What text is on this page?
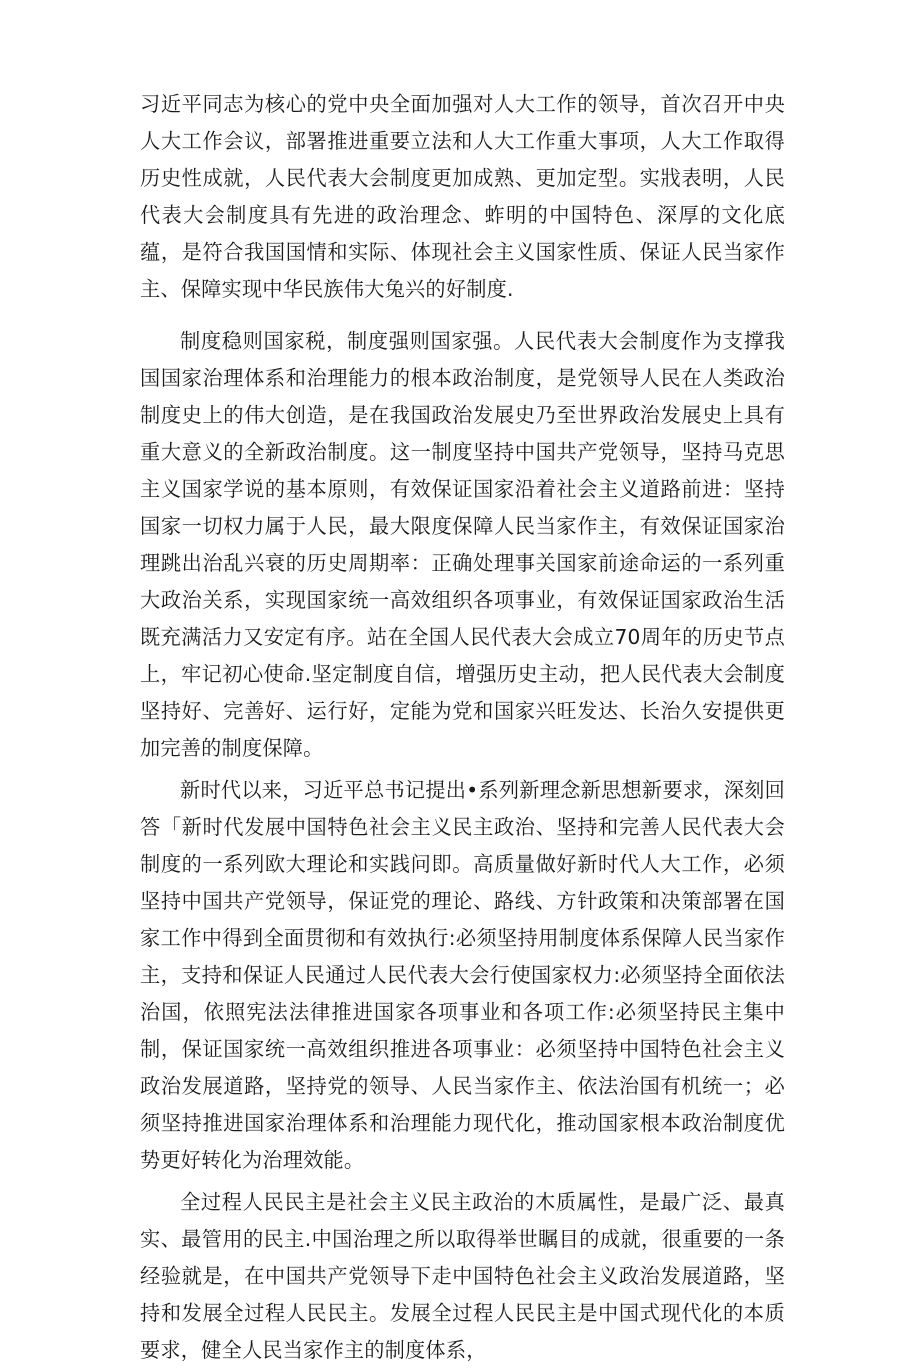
习近平同志为核心的党中央全面加强对人大工作的领导，首次召开中央人大工作会议，部署推进重要立法和人大工作重大事项，人大工作取得历史性成就，人民代表大会制度更加成熟、更加定型。实戕表明，人民代表大会制度具有先进的政治理念、蚱明的中国特色、深厚的文化底蕴，是符合我国国情和实际、体现社会主义国家性质、保证人民当家作主、保障实现中华民族伟大兔兴的好制度.

制度稳则国家税，制度强则国家强。人民代表大会制度作为支撑我国国家治理体系和治理能力的根本政治制度，是党领导人民在人类政治制度史上的伟大创造，是在我国政治发展史乃至世界政治发展史上具有重大意义的全新政治制度。这一制度坚持中国共产党领导，坚持马克思主义国家学说的基本原则，有效保证国家沿着社会主义道路前进：坚持国家一切权力属于人民，最大限度保障人民当家作主，有效保证国家治理跳出治乱兴衰的历史周期率：正确处理事关国家前途命运的一系列重大政治关系，实现国家统一高效组织各项事业，有效保证国家政治生活既充满活力又安定有序。站在全国人民代表大会成立70周年的历史节点上，牢记初心使命.坚定制度自信，增强历史主动，把人民代表大会制度坚持好、完善好、运行好，定能为党和国家兴旺发达、长治久安提供更加完善的制度保障。

新时代以来，习近平总书记提出•系列新理念新思想新要求，深刻回答「新时代发展中国特色社会主义民主政治、坚持和完善人民代表大会制度的一系列欧大理论和实践问即。高质量做好新时代人大工作，必须坚持中国共产党领导，保证党的理论、路线、方针政策和决策部署在国家工作中得到全面贯彻和有效执行:必须坚持用制度体系保障人民当家作主，支持和保证人民通过人民代表大会行使国家权力:必须坚持全面依法治国，依照宪法法律推进国家各项事业和各项工作:必须坚持民主集中制，保证国家统一高效组织推进各项事业：必须坚持中国特色社会主义政治发展道路，坚持党的领导、人民当家作主、依法治国有机统一；必须坚持推进国家治理体系和治理能力现代化，推动国家根本政治制度优势更好转化为治理效能。

全过程人民民主是社会主义民主政治的木质属性，是最广泛、最真实、最管用的民主.中国治理之所以取得举世瞩目的成就，很重要的一条经验就是，在中国共产党领导下走中国特色社会主义政治发展道路，坚持和发展全过程人民民主。发展全过程人民民主是中国式现代化的本质要求，健全人民当家作主的制度体系，
